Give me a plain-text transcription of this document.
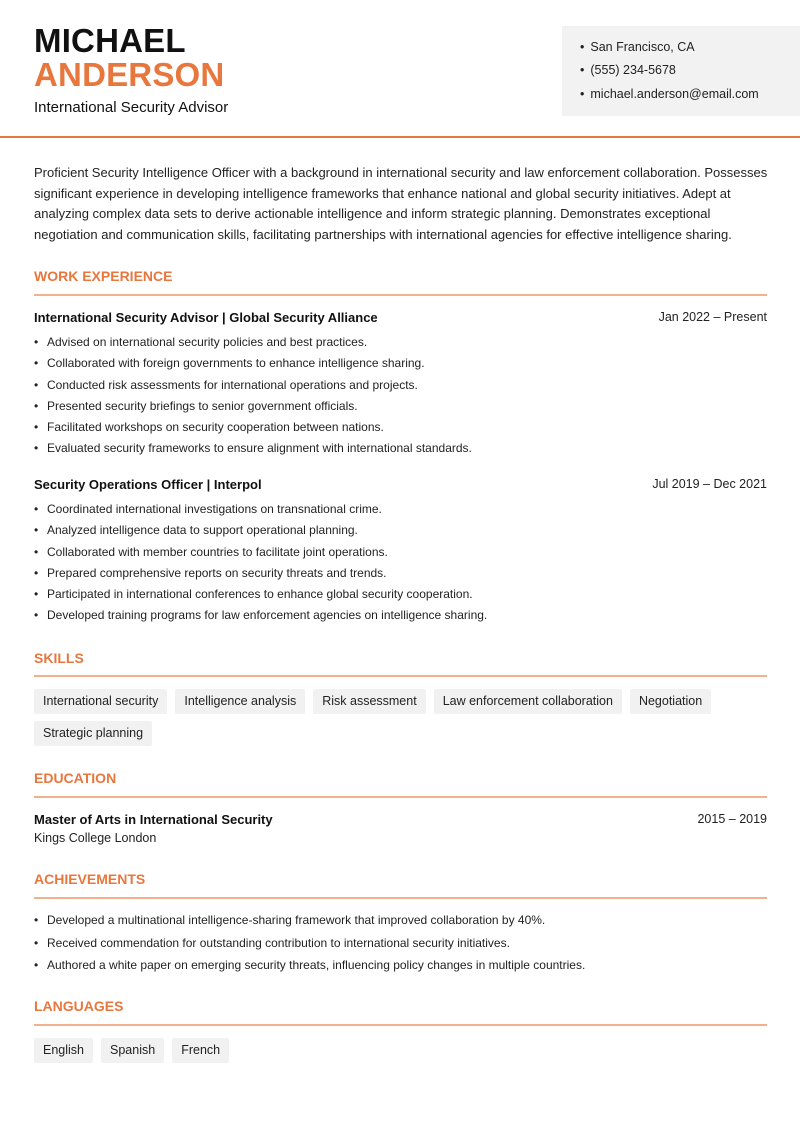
MICHAEL
ANDERSON
International Security Advisor
• San Francisco, CA
• (555) 234-5678
• michael.anderson@email.com
Proficient Security Intelligence Officer with a background in international security and law enforcement collaboration. Possesses significant experience in developing intelligence frameworks that enhance national and global security initiatives. Adept at analyzing complex data sets to derive actionable intelligence and inform strategic planning. Demonstrates exceptional negotiation and communication skills, facilitating partnerships with international agencies for effective intelligence sharing.
WORK EXPERIENCE
International Security Advisor | Global Security Alliance	Jan 2022 – Present
• Advised on international security policies and best practices.
• Collaborated with foreign governments to enhance intelligence sharing.
• Conducted risk assessments for international operations and projects.
• Presented security briefings to senior government officials.
• Facilitated workshops on security cooperation between nations.
• Evaluated security frameworks to ensure alignment with international standards.
Security Operations Officer | Interpol	Jul 2019 – Dec 2021
• Coordinated international investigations on transnational crime.
• Analyzed intelligence data to support operational planning.
• Collaborated with member countries to facilitate joint operations.
• Prepared comprehensive reports on security threats and trends.
• Participated in international conferences to enhance global security cooperation.
• Developed training programs for law enforcement agencies on intelligence sharing.
SKILLS
International security	Intelligence analysis	Risk assessment	Law enforcement collaboration	Negotiation
Strategic planning
EDUCATION
Master of Arts in International Security	2015 – 2019
Kings College London
ACHIEVEMENTS
• Developed a multinational intelligence-sharing framework that improved collaboration by 40%.
• Received commendation for outstanding contribution to international security initiatives.
• Authored a white paper on emerging security threats, influencing policy changes in multiple countries.
LANGUAGES
English	Spanish	French
